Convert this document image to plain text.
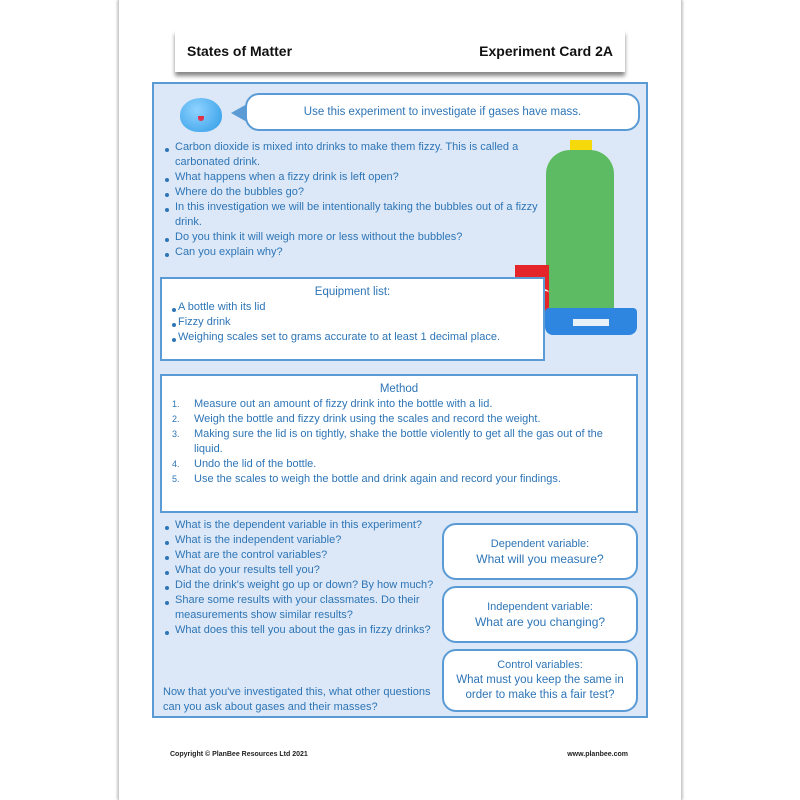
States of Matter	Experiment Card 2A
Use this experiment to investigate if gases have mass.
Carbon dioxide is mixed into drinks to make them fizzy. This is called a carbonated drink.
What happens when a fizzy drink is left open?
Where do the bubbles go?
In this investigation we will be intentionally taking the bubbles out of a fizzy drink.
Do you think it will weigh more or less without the bubbles?
Can you explain why?
Equipment list:
A bottle with its lid
Fizzy drink
Weighing scales set to grams accurate to at least 1 decimal place.
Method
1. Measure out an amount of fizzy drink into the bottle with a lid.
2. Weigh the bottle and fizzy drink using the scales and record the weight.
3. Making sure the lid is on tightly, shake the bottle violently to get all the gas out of the liquid.
4. Undo the lid of the bottle.
5. Use the scales to weigh the bottle and drink again and record your findings.
What is the dependent variable in this experiment?
What is the independent variable?
What are the control variables?
What do your results tell you?
Did the drink's weight go up or down? By how much?
Share some results with your classmates. Do their measurements show similar results?
What does this tell you about the gas in fizzy drinks?
Now that you've investigated this, what other questions can you ask about gases and their masses?
Dependent variable:
What will you measure?
Independent variable:
What are you changing?
Control variables:
What must you keep the same in order to make this a fair test?
Copyright © PlanBee Resources Ltd 2021	www.planbee.com
